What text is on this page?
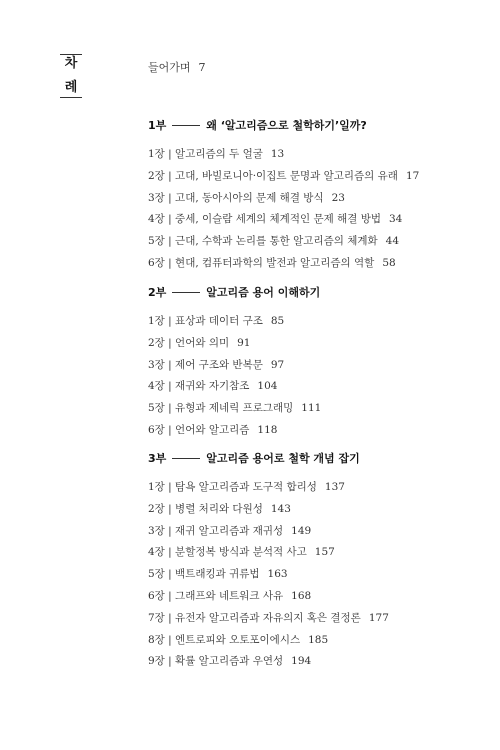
차
례
들어가며 7
1부	왜 ‘알고리즘으로 철학하기’일까?
1장 | 알고리즘의 두 얼굴 13
2장 | 고대, 바빌로니아·이집트 문명과 알고리즘의 유래 17
3장 | 고대, 동아시아의 문제 해결 방식 23
4장 | 중세, 이슬람 세계의 체계적인 문제 해결 방법 34
5장 | 근대, 수학과 논리를 통한 알고리즘의 체계화 44
6장 | 현대, 컴퓨터과학의 발전과 알고리즘의 역할 58
2부	알고리즘 용어 이해하기
1장 | 표상과 데이터 구조 85
2장 | 언어와 의미 91
3장 | 제어 구조와 반복문 97
4장 | 재귀와 자기참조 104
5장 | 유형과 제네릭 프로그래밍 111
6장 | 언어와 알고리즘 118
3부	알고리즘 용어로 철학 개념 잡기
1장 | 탐욕 알고리즘과 도구적 합리성 137
2장 | 병렬 처리와 다원성 143
3장 | 재귀 알고리즘과 재귀성 149
4장 | 분할정복 방식과 분석적 사고 157
5장 | 백트래킹과 귀류법 163
6장 | 그래프와 네트워크 사유 168
7장 | 유전자 알고리즘과 자유의지 혹은 결정론 177
8장 | 엔트로피와 오토포이에시스 185
9장 | 확률 알고리즘과 우연성 194
